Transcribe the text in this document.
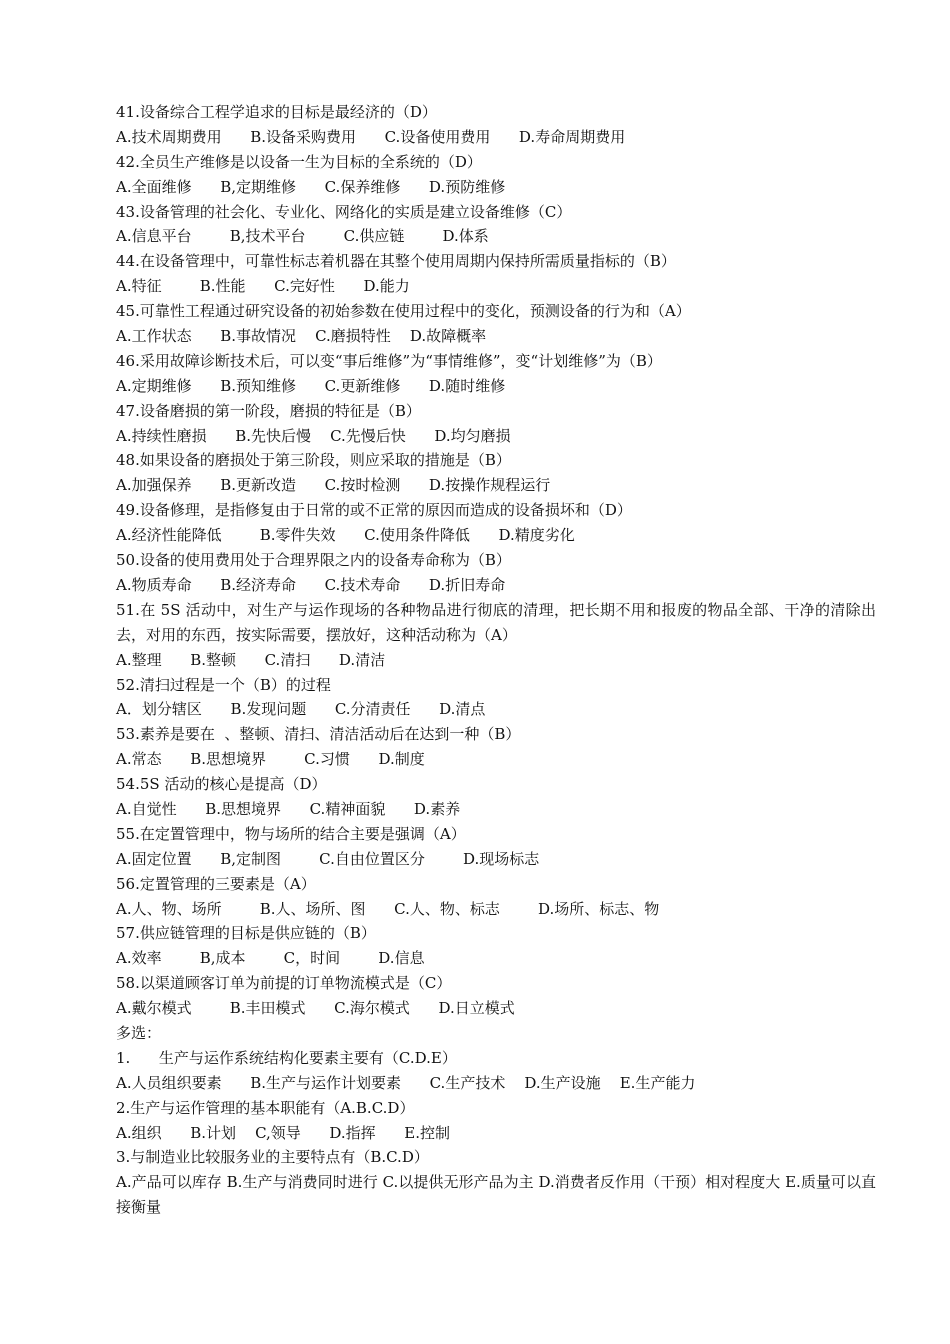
41.设备综合工程学追求的目标是最经济的（D）
A.技术周期费用      B.设备采购费用      C.设备使用费用      D.寿命周期费用
42.全员生产维修是以设备一生为目标的全系统的（D）
A.全面维修      B,定期维修      C.保养维修      D.预防维修
43.设备管理的社会化、专业化、网络化的实质是建立设备维修（C）
A.信息平台        B,技术平台        C.供应链        D.体系
44.在设备管理中，可靠性标志着机器在其整个使用周期内保持所需质量指标的（B）
A.特征        B.性能      C.完好性      D.能力
45.可靠性工程通过研究设备的初始参数在使用过程中的变化，预测设备的行为和（A）
A.工作状态      B.事故情况    C.磨损特性    D.故障概率
46.采用故障诊断技术后，可以变“事后维修”为“事情维修”，变“计划维修”为（B）
A.定期维修      B.预知维修      C.更新维修      D.随时维修
47.设备磨损的第一阶段，磨损的特征是（B）
A.持续性磨损      B.先快后慢    C.先慢后快      D.均匀磨损
48.如果设备的磨损处于第三阶段，则应采取的措施是（B）
A.加强保养      B.更新改造      C.按时检测      D.按操作规程运行
49.设备修理，是指修复由于日常的或不正常的原因而造成的设备损坏和（D）
A.经济性能降低        B.零件失效      C.使用条件降低      D.精度劣化
50.设备的使用费用处于合理界限之内的设备寿命称为（B）
A.物质寿命      B.经济寿命      C.技术寿命      D.折旧寿命
51.在 5S 活动中，对生产与运作现场的各种物品进行彻底的清理，把长期不用和报废的物品全部、干净的清除出去，对用的东西，按实际需要，摆放好，这种活动称为（A）
A.整理      B.整顿      C.清扫      D.清洁
52.清扫过程是一个（B）的过程
A．划分辖区      B.发现问题      C.分清责任      D.清点
53.素养是要在  、整顿、清扫、清洁活动后在达到一种（B）
A.常态      B.思想境界        C.习惯      D.制度
54.5S 活动的核心是提高（D）
A.自觉性      B.思想境界      C.精神面貌      D.素养
55.在定置管理中，物与场所的结合主要是强调（A）
A.固定位置      B,定制图        C.自由位置区分        D.现场标志
56.定置管理的三要素是（A）
A.人、物、场所        B.人、场所、图      C.人、物、标志        D.场所、标志、物
57.供应链管理的目标是供应链的（B）
A.效率        B,成本        C，时间        D.信息
58.以渠道顾客订单为前提的订单物流模式是（C）
A.戴尔模式        B.丰田模式      C.海尔模式      D.日立模式
多选：
1.      生产与运作系统结构化要素主要有（C.D.E）
A.人员组织要素      B.生产与运作计划要素      C.生产技术    D.生产设施    E.生产能力
2.生产与运作管理的基本职能有（A.B.C.D）
A.组织      B.计划    C,领导      D.指挥      E.控制
3.与制造业比较服务业的主要特点有（B.C.D）
A.产品可以库存 B.生产与消费同时进行 C.以提供无形产品为主 D.消费者反作用（干预）相对程度大 E.质量可以直接衡量
